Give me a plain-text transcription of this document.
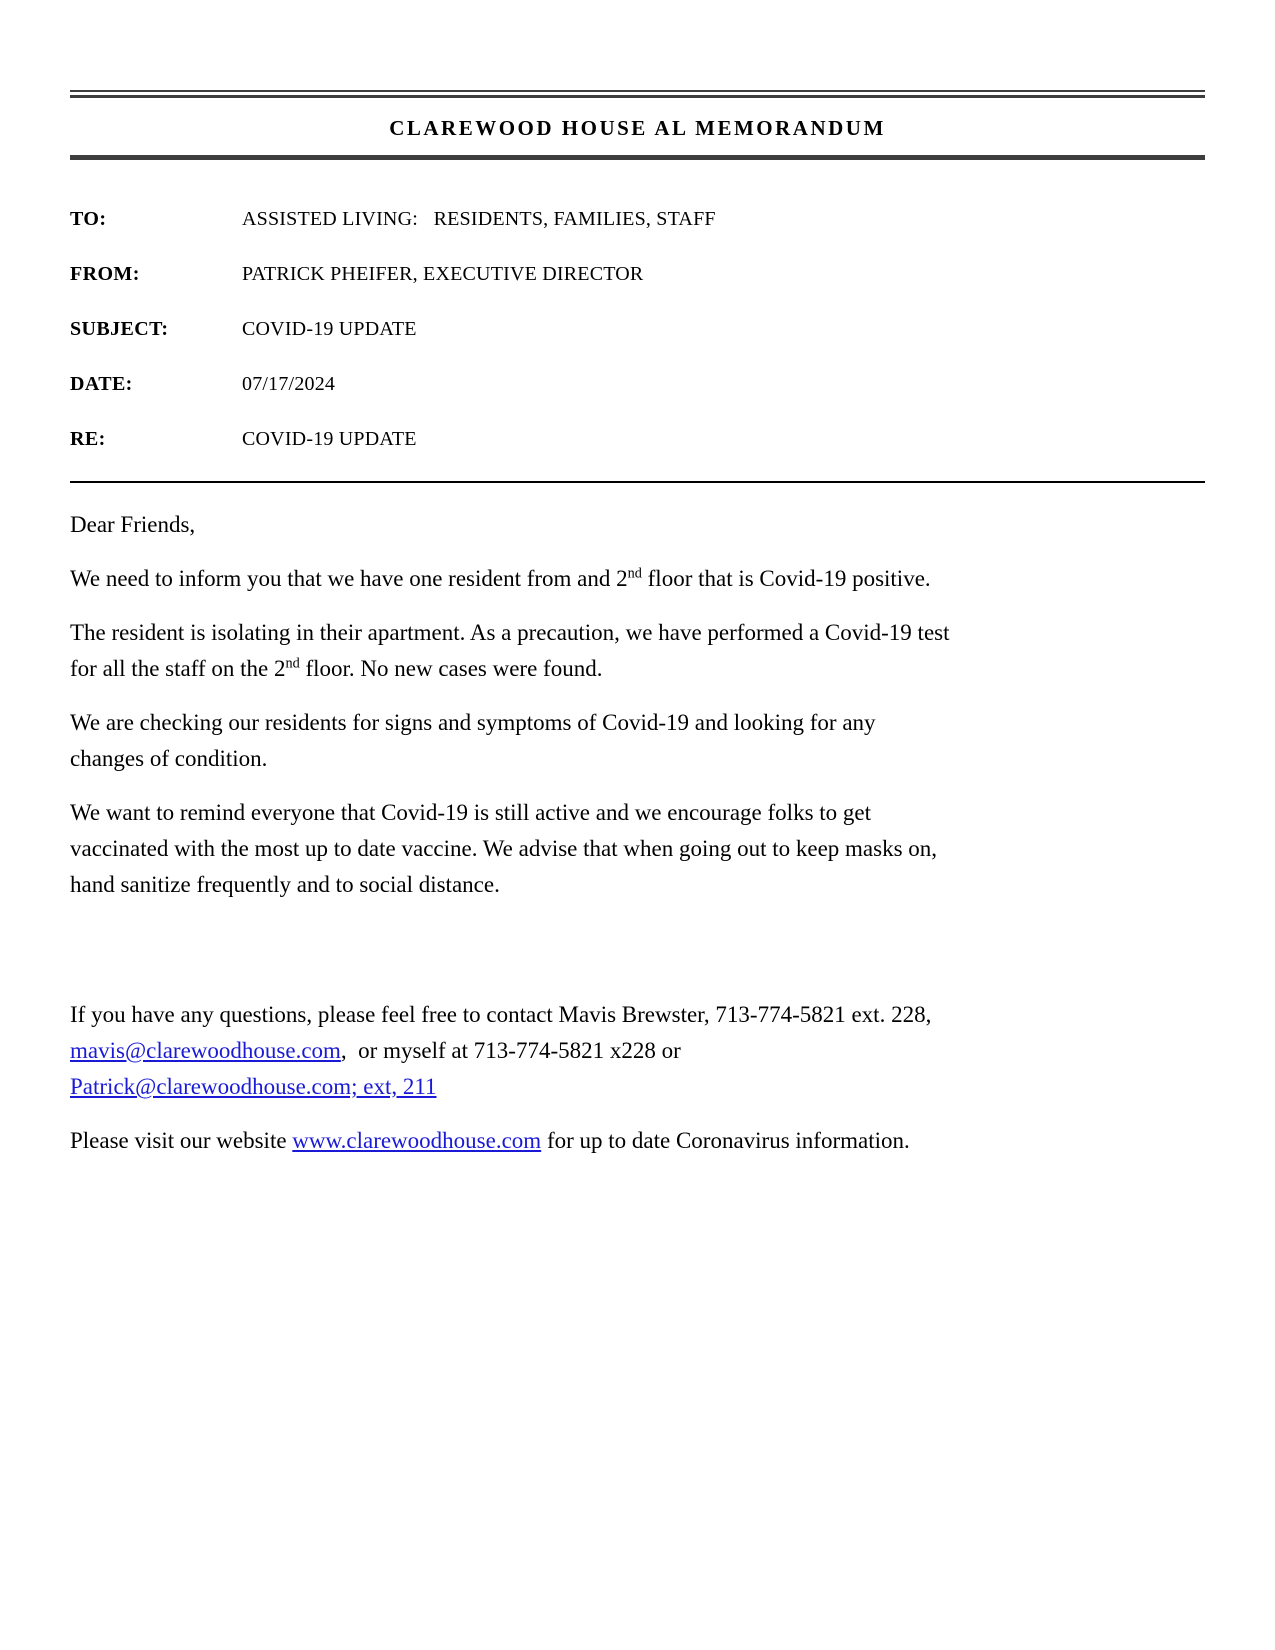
CLAREWOOD HOUSE AL MEMORANDUM
TO:	ASSISTED LIVING:   RESIDENTS, FAMILIES, STAFF
FROM:	PATRICK PHEIFER, EXECUTIVE DIRECTOR
SUBJECT:	COVID-19 UPDATE
DATE:	07/17/2024
RE:	COVID-19 UPDATE

Dear Friends,

We need to inform you that we have one resident from and 2nd floor that is Covid-19 positive.

The resident is isolating in their apartment. As a precaution, we have performed a Covid-19 test
for all the staff on the 2nd floor. No new cases were found.

We are checking our residents for signs and symptoms of Covid-19 and looking for any
changes of condition.

We want to remind everyone that Covid-19 is still active and we encourage folks to get
vaccinated with the most up to date vaccine. We advise that when going out to keep masks on,
hand sanitize frequently and to social distance.

If you have any questions, please feel free to contact Mavis Brewster, 713-774-5821 ext. 228,
mavis@clarewoodhouse.com,  or myself at 713-774-5821 x228 or
Patrick@clarewoodhouse.com; ext, 211

Please visit our website www.clarewoodhouse.com for up to date Coronavirus information.
